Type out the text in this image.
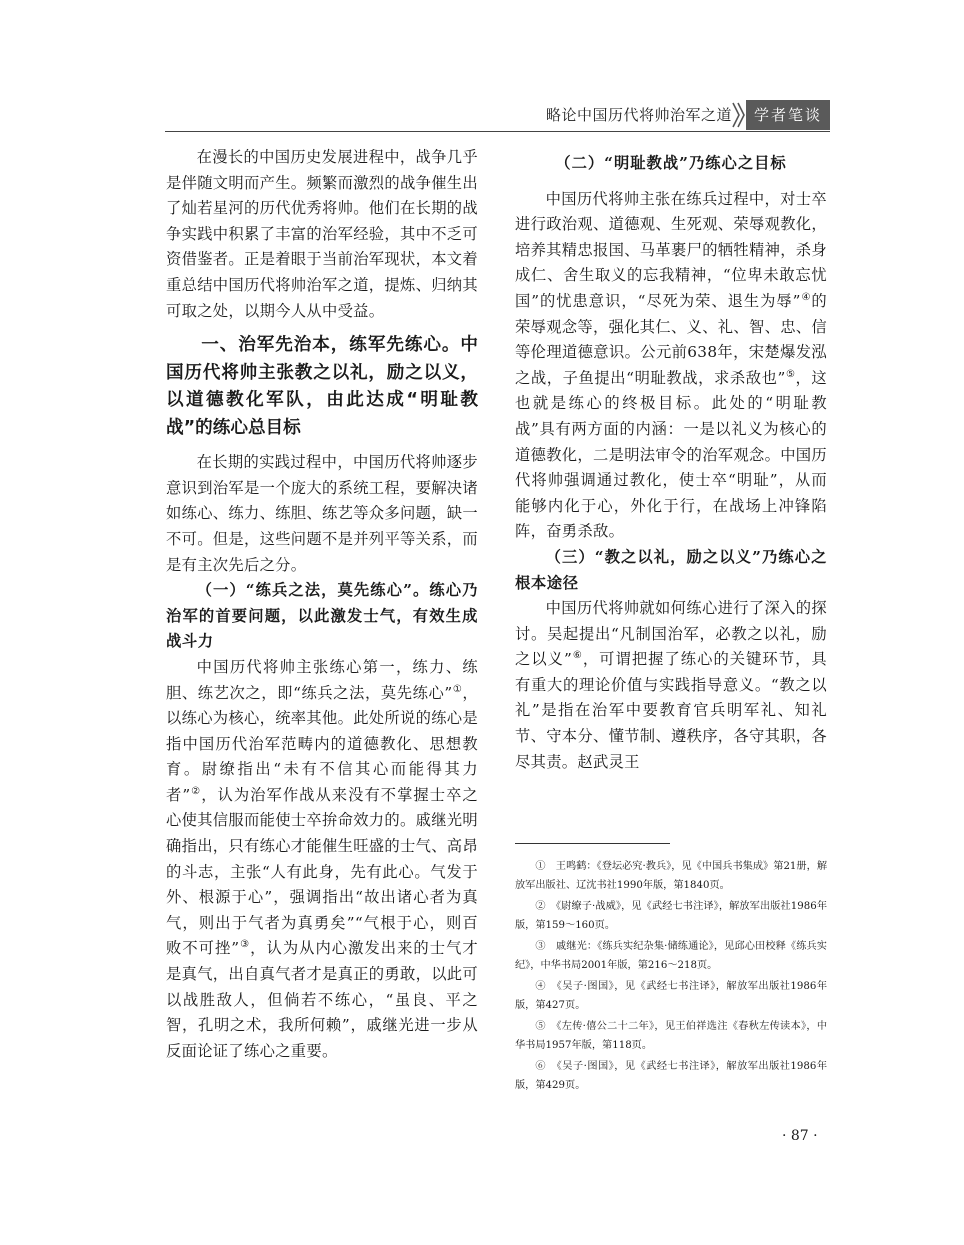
略论中国历代将帅治军之道	学者笔谈

在漫长的中国历史发展进程中，战争几乎是伴随文明而产生。频繁而激烈的战争催生出了灿若星河的历代优秀将帅。他们在长期的战争实践中积累了丰富的治军经验，其中不乏可资借鉴者。正是着眼于当前治军现状，本文着重总结中国历代将帅治军之道，提炼、归纳其可取之处，以期今人从中受益。

一、治军先治本，练军先练心。中国历代将帅主张教之以礼，励之以义，以道德教化军队，由此达成“明耻教战”的练心总目标

在长期的实践过程中，中国历代将帅逐步意识到治军是一个庞大的系统工程，要解决诸如练心、练力、练胆、练艺等众多问题，缺一不可。但是，这些问题不是并列平等关系，而是有主次先后之分。

（一）“练兵之法，莫先练心”。练心乃治军的首要问题，以此激发士气，有效生成战斗力

中国历代将帅主张练心第一，练力、练胆、练艺次之，即“练兵之法，莫先练心”①，以练心为核心，统率其他。此处所说的练心是指中国历代治军范畴内的道德教化、思想教育。尉缭指出“未有不信其心而能得其力者”②，认为治军作战从来没有不掌握士卒之心使其信服而能使士卒拚命效力的。戚继光明确指出，只有练心才能催生旺盛的士气、高昂的斗志，主张“人有此身，先有此心。气发于外、根源于心”，强调指出“故出诸心者为真气，则出于气者为真勇矣”“气根于心，则百败不可挫”③，认为从内心激发出来的士气才是真气，出自真气者才是真正的勇敢，以此可以战胜敌人，但倘若不练心，“虽良、平之智，孔明之术，我所何赖”，戚继光进一步从反面论证了练心之重要。

（二）“明耻教战”乃练心之目标

中国历代将帅主张在练兵过程中，对士卒进行政治观、道德观、生死观、荣辱观教化，培养其精忠报国、马革裹尸的牺牲精神，杀身成仁、舍生取义的忘我精神，“位卑未敢忘忧国”的忧患意识，“尽死为荣、退生为辱”④的荣辱观念等，强化其仁、义、礼、智、忠、信等伦理道德意识。公元前638年，宋楚爆发泓之战，子鱼提出“明耻教战，求杀敌也”⑤，这也就是练心的终极目标。此处的“明耻教战”具有两方面的内涵：一是以礼义为核心的道德教化，二是明法审令的治军观念。中国历代将帅强调通过教化，使士卒“明耻”，从而能够内化于心，外化于行，在战场上冲锋陷阵，奋勇杀敌。

（三）“教之以礼，励之以义”乃练心之根本途径

中国历代将帅就如何练心进行了深入的探讨。吴起提出“凡制国治军，必教之以礼，励之以义”⑥，可谓把握了练心的关键环节，具有重大的理论价值与实践指导意义。“教之以礼”是指在治军中要教育官兵明军礼、知礼节、守本分、懂节制、遵秩序，各守其职，各尽其责。赵武灵王

①　 王鸣鹤：《登坛必究·教兵》，见《中国兵书集成》第21册，解放军出版社、辽沈书社1990年版，第1840页。

②　 《尉缭子·战威》，见《武经七书注译》，解放军出版社1986年版，第159～160页。

③　 戚继光：《练兵实纪杂集·储练通论》，见邱心田校释《练兵实纪》，中华书局2001年版，第216～218页。

④　 《吴子·图国》，见《武经七书注译》，解放军出版社1986年版，第427页。

⑤　 《左传·僖公二十二年》，见王伯祥选注《春秋左传读本》，中华书局1957年版，第118页。

⑥　 《吴子·图国》，见《武经七书注译》，解放军出版社1986年版，第429页。

· 87 ·
